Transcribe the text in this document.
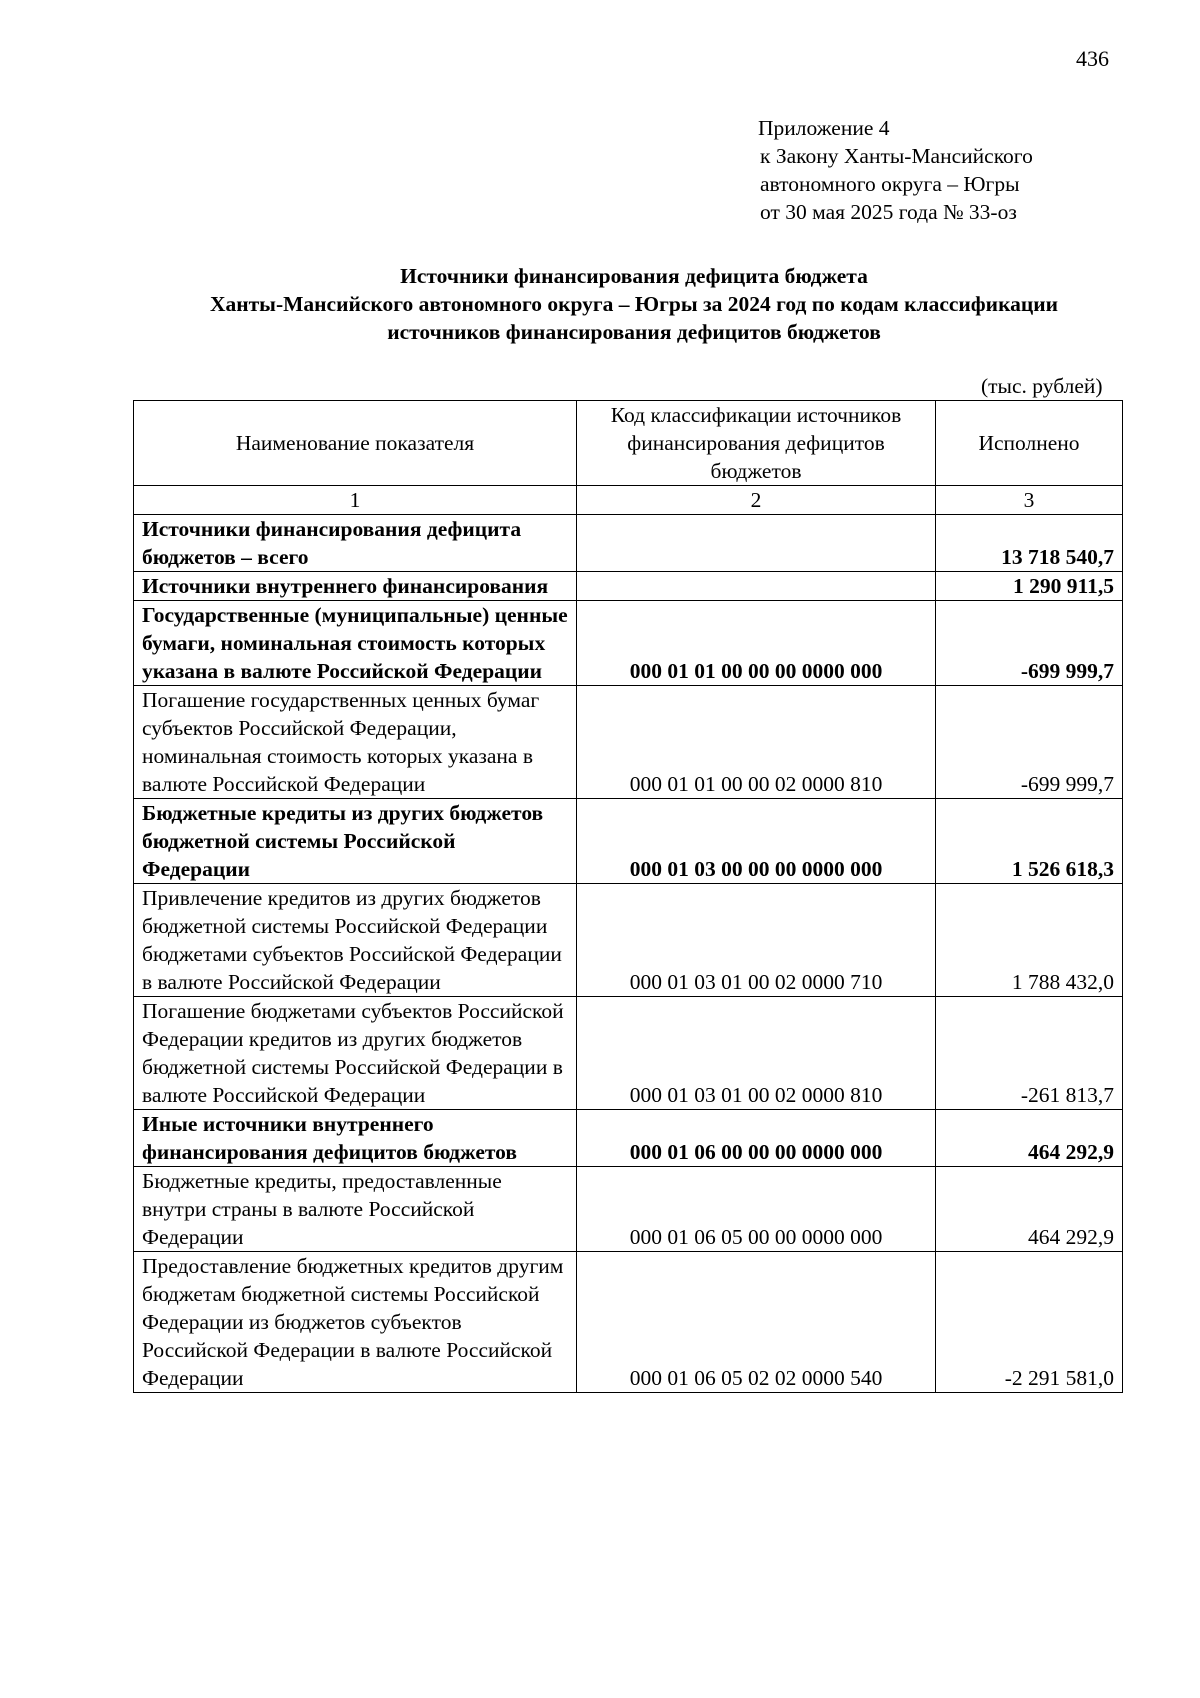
436
Приложение 4
к Закону Ханты-Мансийского
автономного округа – Югры
от 30 мая 2025 года № 33-оз
Источники финансирования дефицита бюджета
Ханты-Мансийского автономного округа – Югры за 2024 год по кодам классификации
источников финансирования дефицитов бюджетов
(тыс. рублей)
Наименование показателя	Код классификации источников финансирования дефицитов бюджетов	Исполнено
1	2	3
Источники финансирования дефицита бюджетов – всего		13 718 540,7
Источники внутреннего финансирования		1 290 911,5
Государственные (муниципальные) ценные бумаги, номинальная стоимость которых указана в валюте Российской Федерации	000 01 01 00 00 00 0000 000	-699 999,7
Погашение государственных ценных бумаг субъектов Российской Федерации, номинальная стоимость которых указана в валюте Российской Федерации	000 01 01 00 00 02 0000 810	-699 999,7
Бюджетные кредиты из других бюджетов бюджетной системы Российской Федерации	000 01 03 00 00 00 0000 000	1 526 618,3
Привлечение кредитов из других бюджетов бюджетной системы Российской Федерации бюджетами субъектов Российской Федерации в валюте Российской Федерации	000 01 03 01 00 02 0000 710	1 788 432,0
Погашение бюджетами субъектов Российской Федерации кредитов из других бюджетов бюджетной системы Российской Федерации в валюте Российской Федерации	000 01 03 01 00 02 0000 810	-261 813,7
Иные источники внутреннего финансирования дефицитов бюджетов	000 01 06 00 00 00 0000 000	464 292,9
Бюджетные кредиты, предоставленные внутри страны в валюте Российской Федерации	000 01 06 05 00 00 0000 000	464 292,9
Предоставление бюджетных кредитов другим бюджетам бюджетной системы Российской Федерации из бюджетов субъектов Российской Федерации в валюте Российской Федерации	000 01 06 05 02 02 0000 540	-2 291 581,0
